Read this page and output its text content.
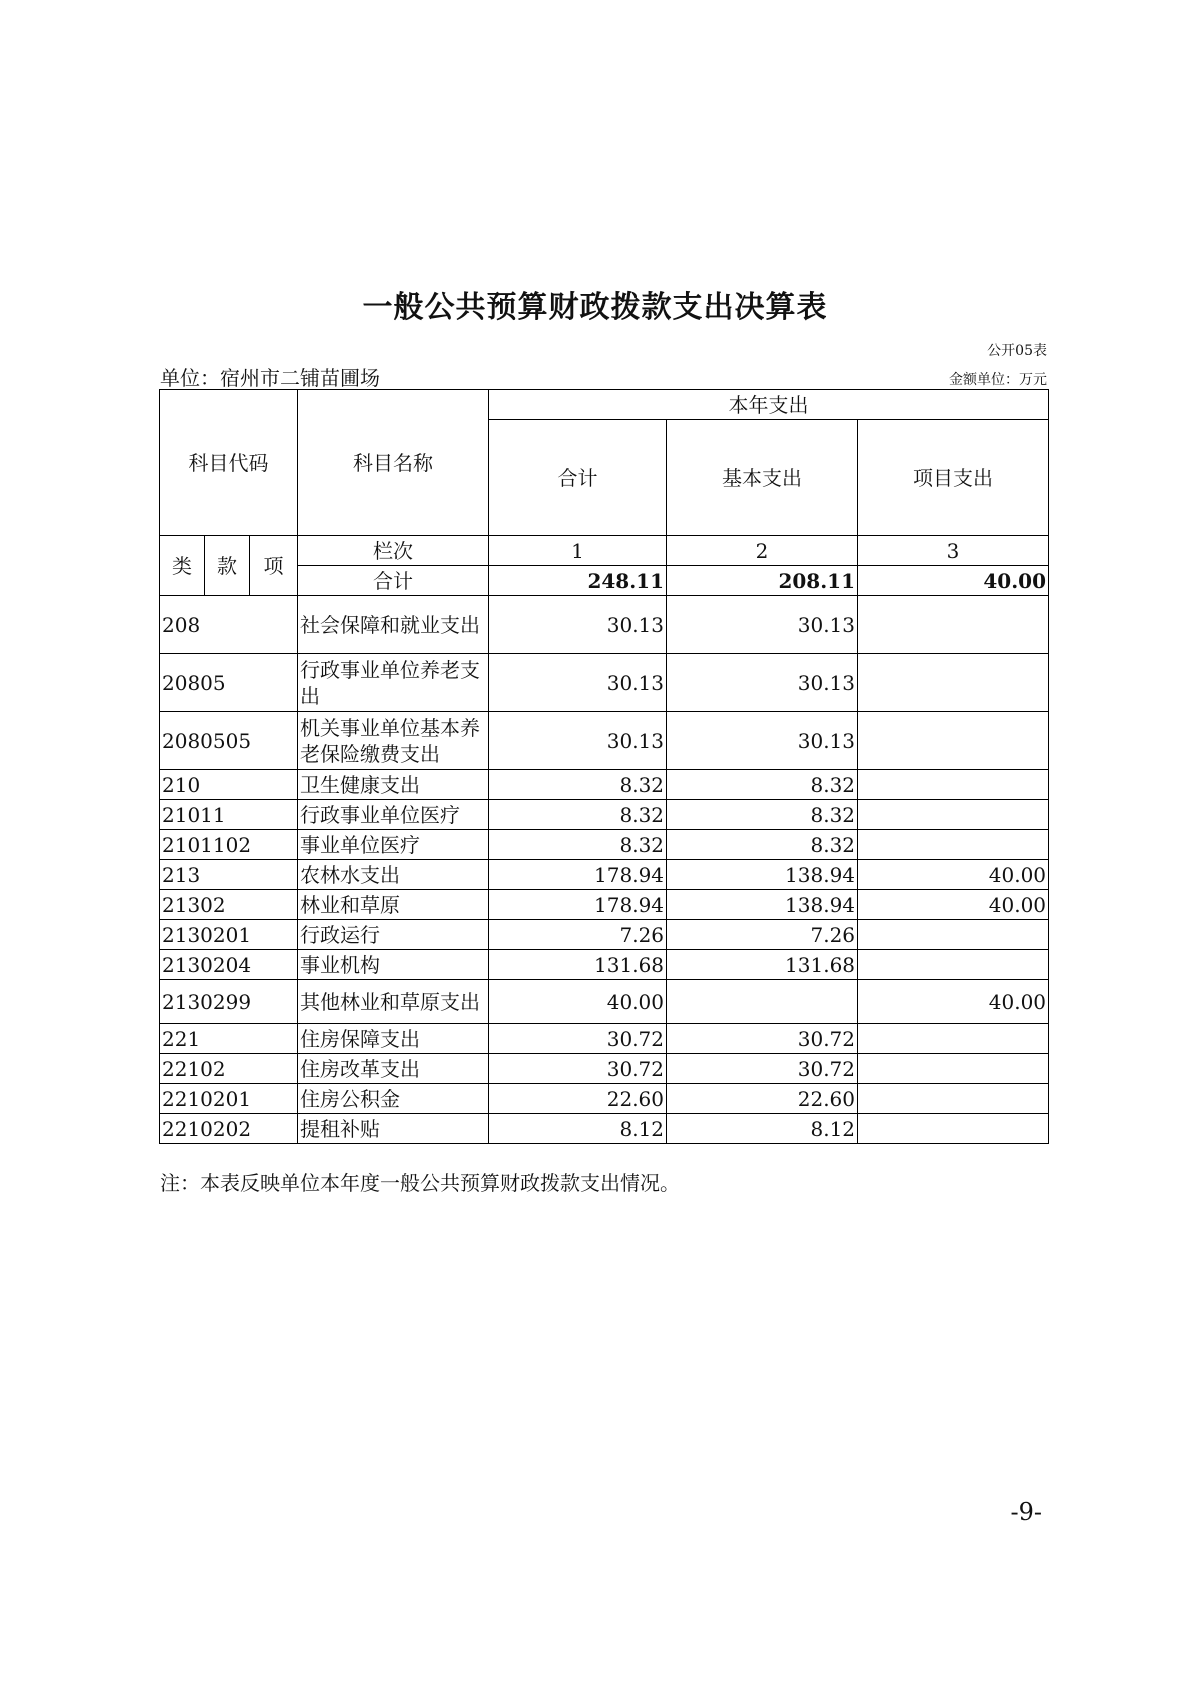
一般公共预算财政拨款支出决算表
公开05表
单位：宿州市二铺苗圃场	金额单位：万元
科目代码			科目名称	本年支出		
				合计	基本支出	项目支出
类	款	项	栏次	1	2	3
			合计	248.11	208.11	40.00
208			社会保障和就业支出	30.13	30.13	
20805			行政事业单位养老支出	30.13	30.13	
2080505			机关事业单位基本养老保险缴费支出	30.13	30.13	
210			卫生健康支出	8.32	8.32	
21011			行政事业单位医疗	8.32	8.32	
2101102			事业单位医疗	8.32	8.32	
213			农林水支出	178.94	138.94	40.00
21302			林业和草原	178.94	138.94	40.00
2130201			行政运行	7.26	7.26	
2130204			事业机构	131.68	131.68	
2130299			其他林业和草原支出	40.00		40.00
221			住房保障支出	30.72	30.72	
22102			住房改革支出	30.72	30.72	
2210201			住房公积金	22.60	22.60	
2210202			提租补贴	8.12	8.12	
注：本表反映单位本年度一般公共预算财政拨款支出情况。
-9-
